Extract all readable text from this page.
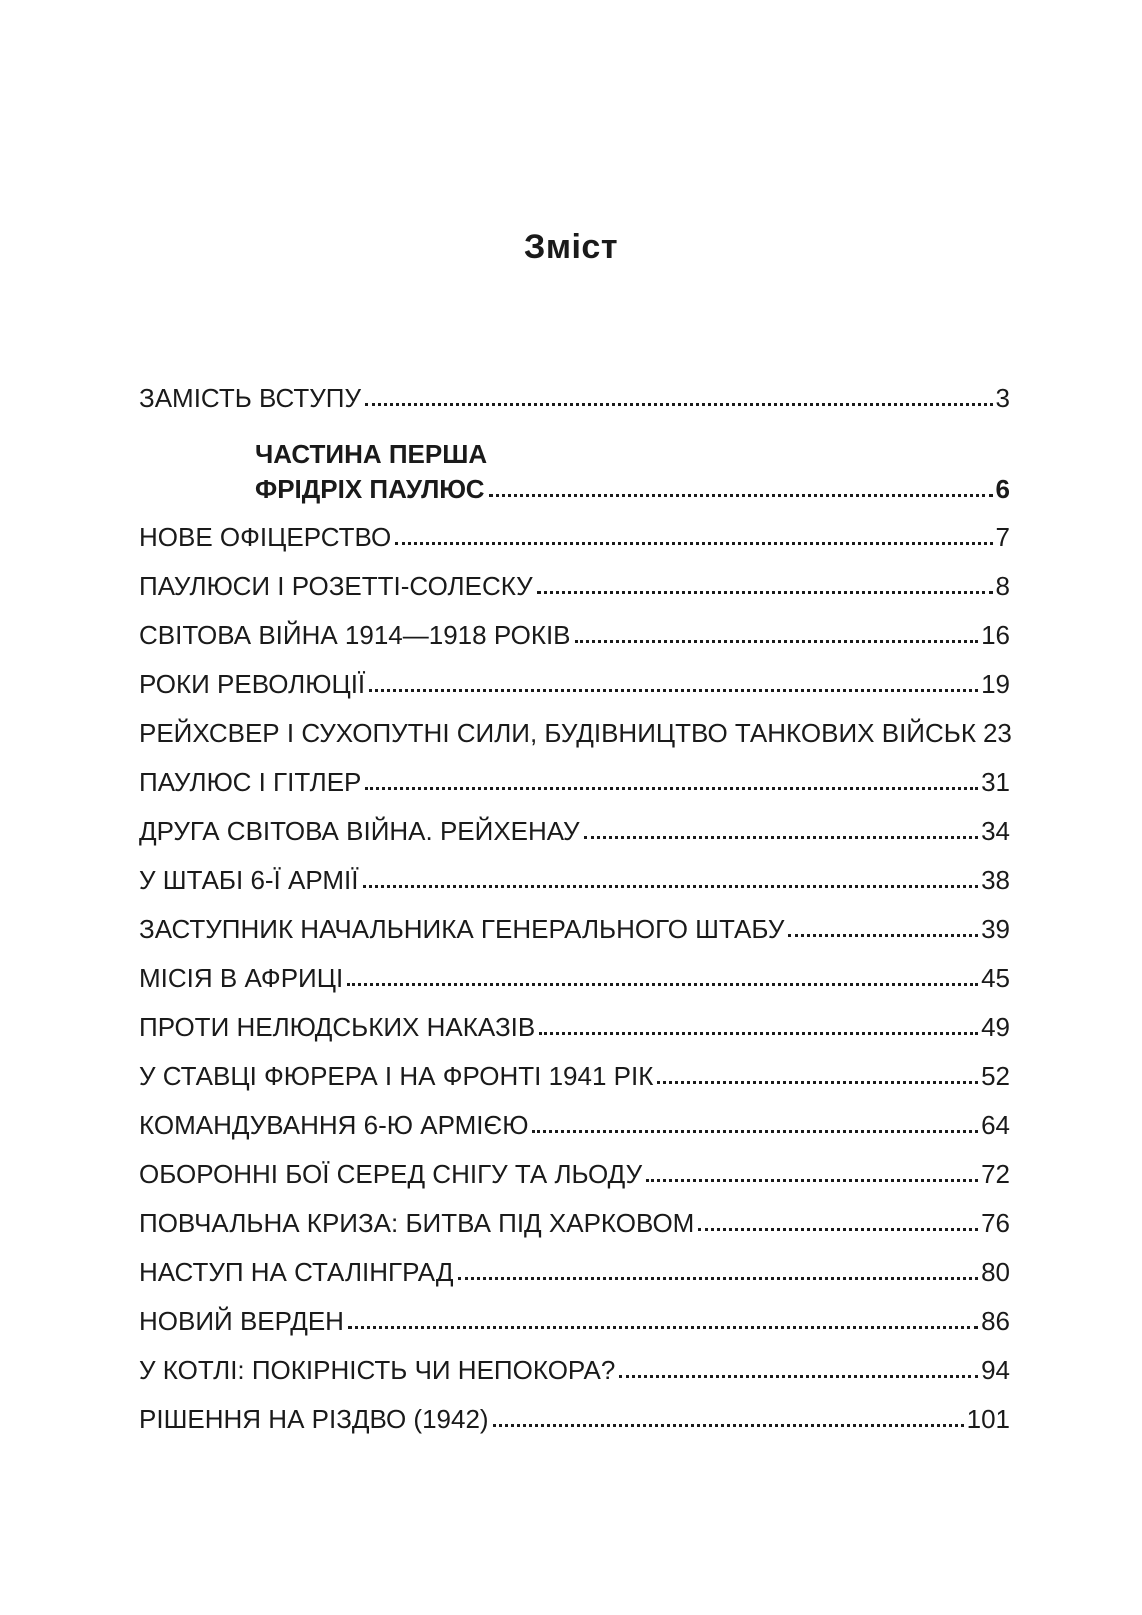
Зміст
ЗАМІСТЬ ВСТУПУ	3
ЧАСТИНА ПЕРША
ФРІДРІХ ПАУЛЮС	6
НОВЕ ОФІЦЕРСТВО	7
ПАУЛЮСИ І РОЗЕТТІ-СОЛЕСКУ	8
СВІТОВА ВІЙНА 1914—1918 РОКІВ	16
РОКИ РЕВОЛЮЦІЇ	19
РЕЙХСВЕР І СУХОПУТНІ СИЛИ, БУДІВНИЦТВО ТАНКОВИХ ВІЙСЬК 23
ПАУЛЮС І ГІТЛЕР	31
ДРУГА СВІТОВА ВІЙНА. РЕЙХЕНАУ	34
У ШТАБІ 6-Ї АРМІЇ	38
ЗАСТУПНИК НАЧАЛЬНИКА ГЕНЕРАЛЬНОГО ШТАБУ	39
МІСІЯ В АФРИЦІ	45
ПРОТИ НЕЛЮДСЬКИХ НАКАЗІВ	49
У СТАВЦІ ФЮРЕРА І НА ФРОНТІ 1941 РІК	52
КОМАНДУВАННЯ 6-Ю АРМІЄЮ	64
ОБОРОННІ БОЇ СЕРЕД СНІГУ ТА ЛЬОДУ	72
ПОВЧАЛЬНА КРИЗА: БИТВА ПІД ХАРКОВОМ	76
НАСТУП НА СТАЛІНГРАД	80
НОВИЙ ВЕРДЕН	86
У КОТЛІ: ПОКІРНІСТЬ ЧИ НЕПОКОРА?	94
РІШЕННЯ НА РІЗДВО (1942)	101
